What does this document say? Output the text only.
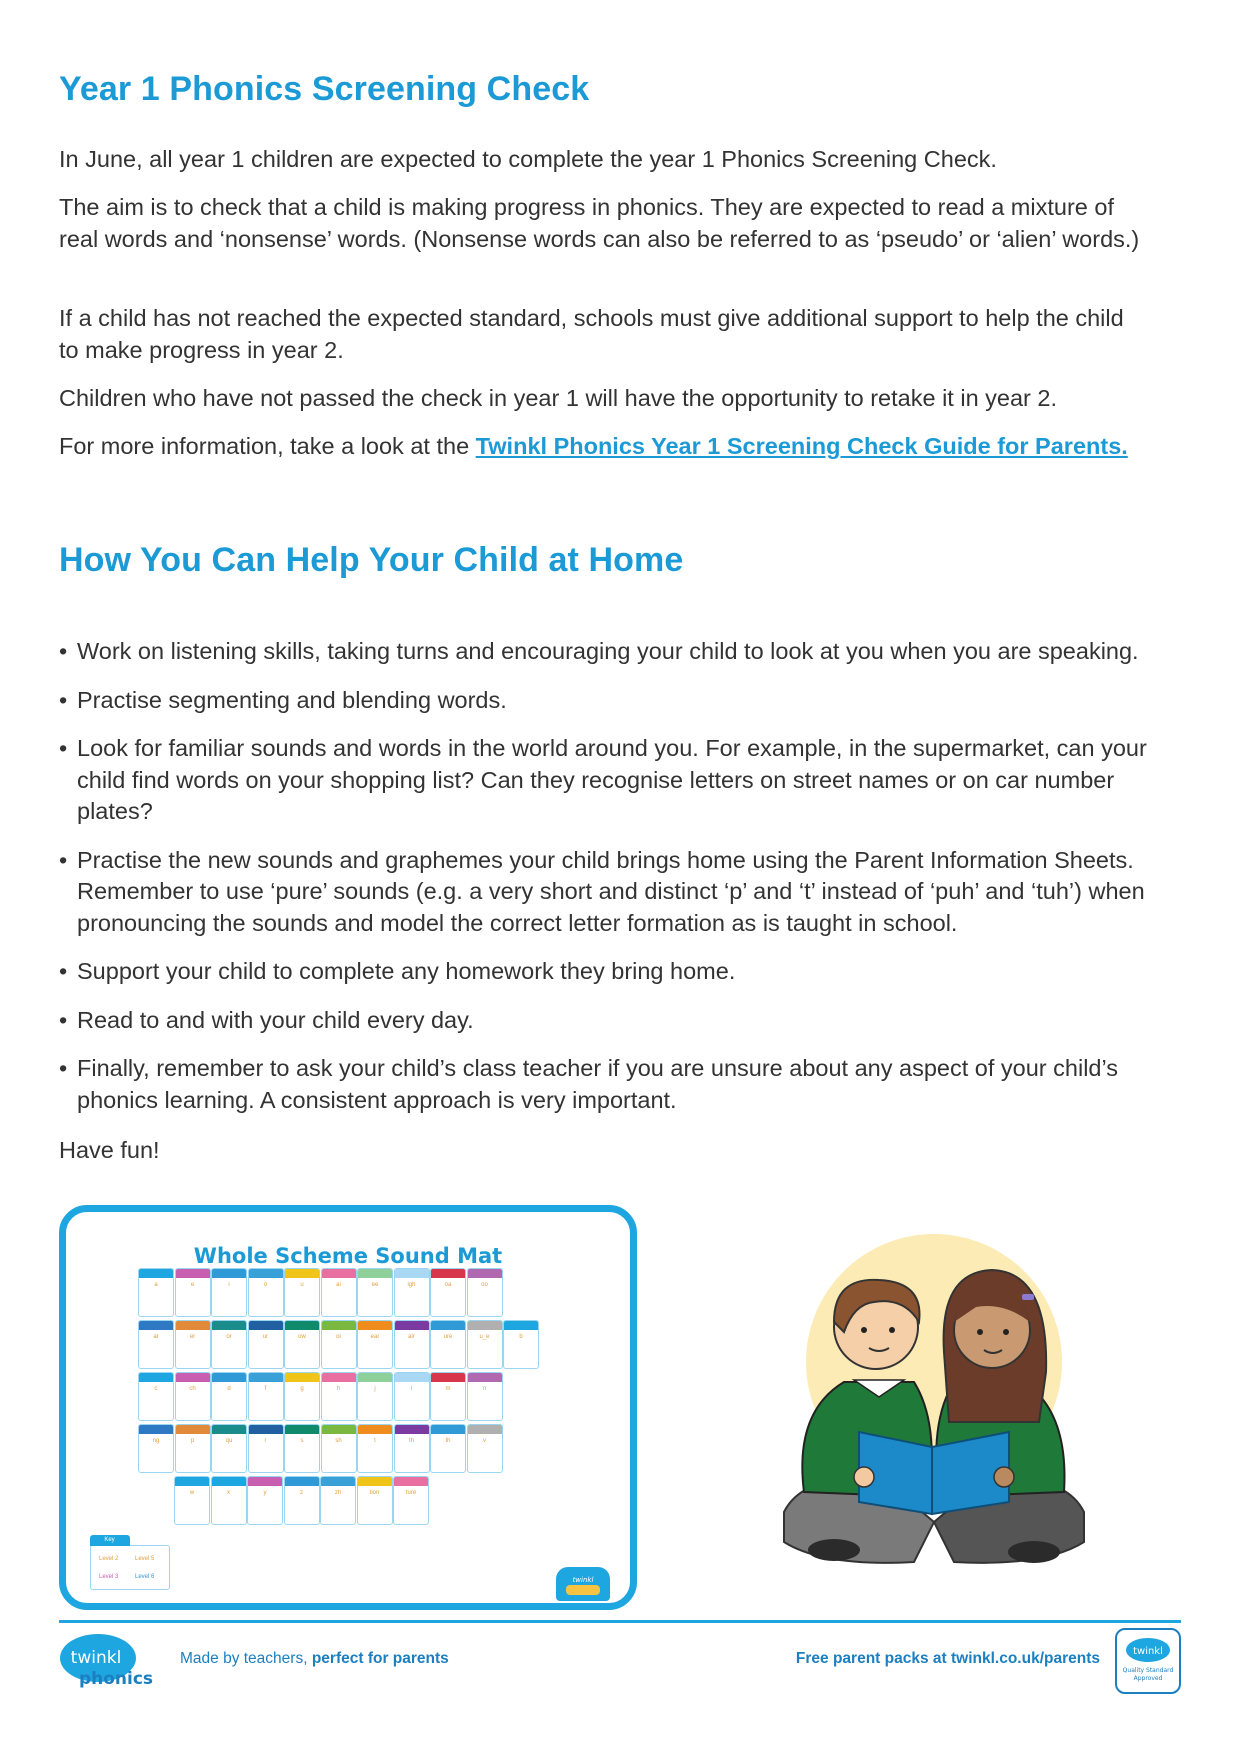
Year 1 Phonics Screening Check

In June, all year 1 children are expected to complete the year 1 Phonics Screening Check.

The aim is to check that a child is making progress in phonics. They are expected to read a mixture of real words and ‘nonsense’ words. (Nonsense words can also be referred to as ‘pseudo’ or ‘alien’ words.)

If a child has not reached the expected standard, schools must give additional support to help the child to make progress in year 2.

Children who have not passed the check in year 1 will have the opportunity to retake it in year 2.

For more information, take a look at the Twinkl Phonics Year 1 Screening Check Guide for Parents.

How You Can Help Your Child at Home
• Work on listening skills, taking turns and encouraging your child to look at you when you are speaking.
• Practise segmenting and blending words.
• Look for familiar sounds and words in the world around you. For example, in the supermarket, can your child find words on your shopping list? Can they recognise letters on street names or on car number plates?
• Practise the new sounds and graphemes your child brings home using the Parent Information Sheets. Remember to use ‘pure’ sounds (e.g. a very short and distinct ‘p’ and ‘t’ instead of ‘puh’ and ‘tuh’) when pronouncing the sounds and model the correct letter formation as is taught in school.
• Support your child to complete any homework they bring home.
• Read to and with your child every day.
• Finally, remember to ask your child’s class teacher if you are unsure about any aspect of your child’s phonics learning. A consistent approach is very important.

Have fun!

Whole Scheme Sound Mat
a	e	i	o	u	ai	ee	igh	oa	oo
ar	er	or	ur	ow	oi	ear	air	ure	u_e	b
c	ch	d	f	g	h	j	l	m	n
ng	p	qu	r	s	sh	t	th	th	v
w	x	y	z	zh	tion	ture
Key
Level 2	Level 5
Level 3	Level 6	twinkl
twinkl
phonics
Made by teachers, perfect for parents	Free parent packs at twinkl.co.uk/parents	twinkl
Quality Standard
Approved
